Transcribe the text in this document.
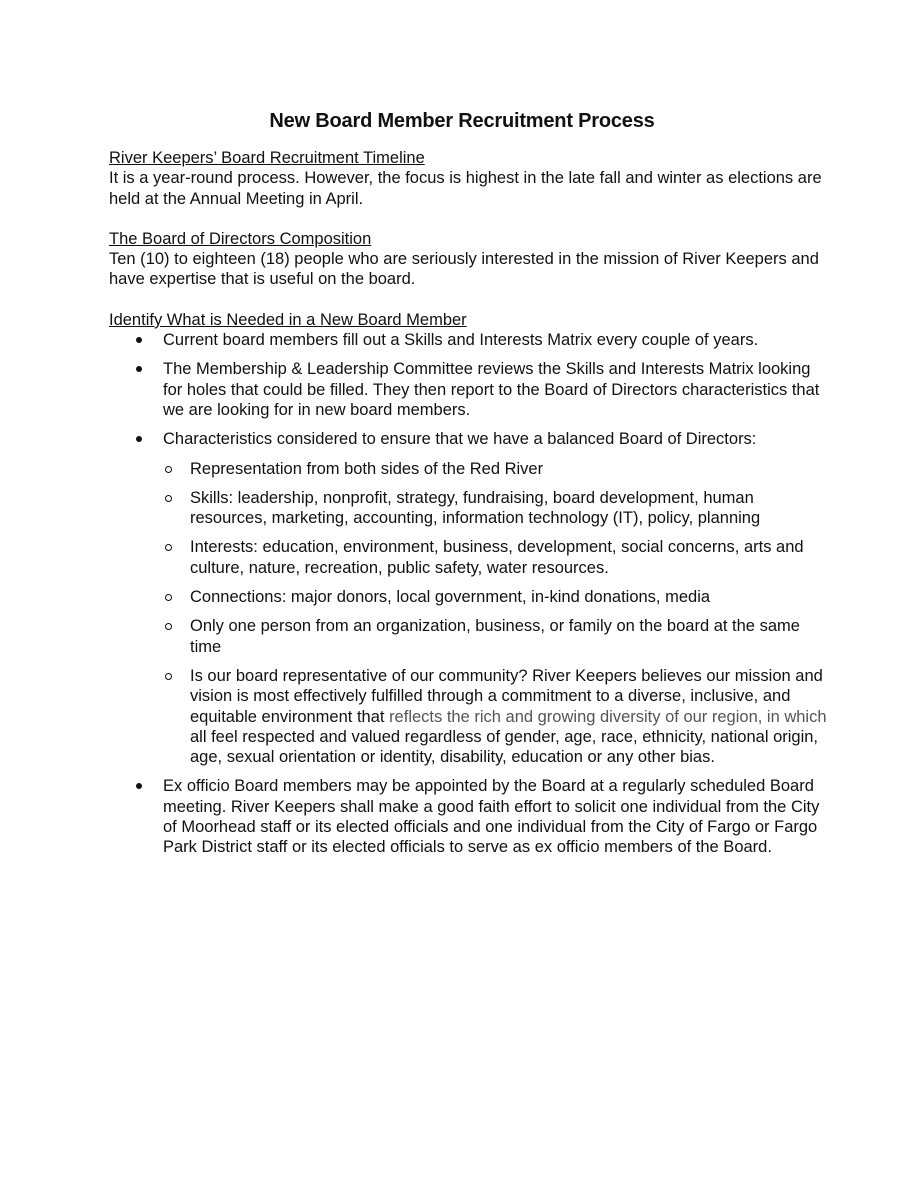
New Board Member Recruitment Process
River Keepers’ Board Recruitment Timeline
It is a year-round process. However, the focus is highest in the late fall and winter as elections are held at the Annual Meeting in April.
The Board of Directors Composition
Ten (10) to eighteen (18) people who are seriously interested in the mission of River Keepers and have expertise that is useful on the board.
Identify What is Needed in a New Board Member
Current board members fill out a Skills and Interests Matrix every couple of years.
The Membership & Leadership Committee reviews the Skills and Interests Matrix looking for holes that could be filled. They then report to the Board of Directors characteristics that we are looking for in new board members.
Characteristics considered to ensure that we have a balanced Board of Directors:
Representation from both sides of the Red River
Skills: leadership, nonprofit, strategy, fundraising, board development, human resources, marketing, accounting, information technology (IT), policy, planning
Interests: education, environment, business, development, social concerns, arts and culture, nature, recreation, public safety, water resources.
Connections: major donors, local government, in-kind donations, media
Only one person from an organization, business, or family on the board at the same time
Is our board representative of our community? River Keepers believes our mission and vision is most effectively fulfilled through a commitment to a diverse, inclusive, and equitable environment that reflects the rich and growing diversity of our region, in which all feel respected and valued regardless of gender, age, race, ethnicity, national origin, age, sexual orientation or identity, disability, education or any other bias.
Ex officio Board members may be appointed by the Board at a regularly scheduled Board meeting. River Keepers shall make a good faith effort to solicit one individual from the City of Moorhead staff or its elected officials and one individual from the City of Fargo or Fargo Park District staff or its elected officials to serve as ex officio members of the Board.
